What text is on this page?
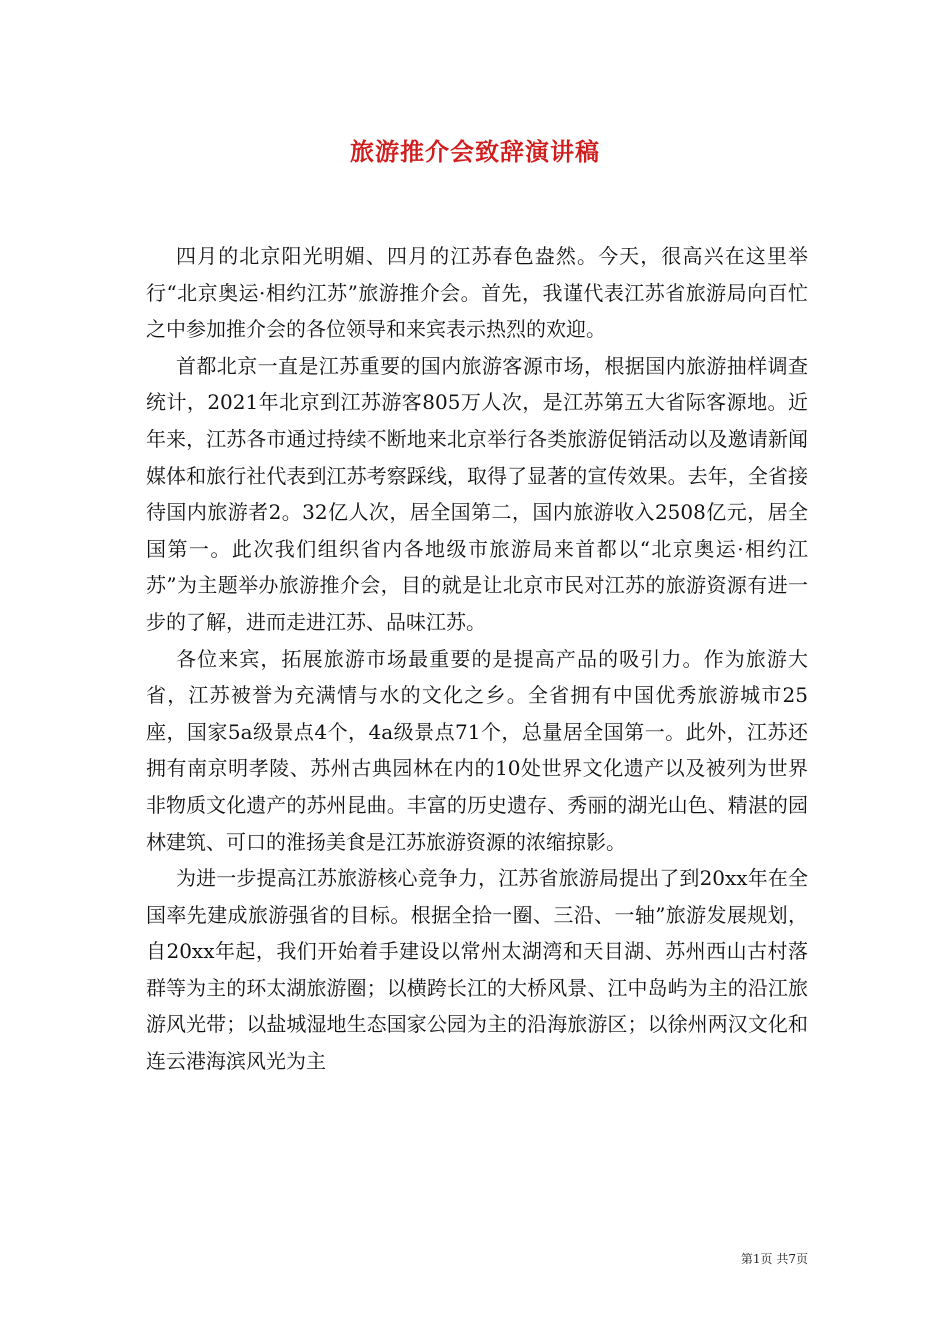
旅游推介会致辞演讲稿

四月的北京阳光明媚、四月的江苏春色盎然。今天，很高兴在这里举行“北京奥运·相约江苏”旅游推介会。首先，我谨代表江苏省旅游局向百忙之中参加推介会的各位领导和来宾表示热烈的欢迎。

首都北京一直是江苏重要的国内旅游客源市场，根据国内旅游抽样调查统计，2021年北京到江苏游客805万人次，是江苏第五大省际客源地。近年来，江苏各市通过持续不断地来北京举行各类旅游促销活动以及邀请新闻媒体和旅行社代表到江苏考察踩线，取得了显著的宣传效果。去年，全省接待国内旅游者2。32亿人次，居全国第二，国内旅游收入2508亿元，居全国第一。此次我们组织省内各地级市旅游局来首都以“北京奥运·相约江苏”为主题举办旅游推介会，目的就是让北京市民对江苏的旅游资源有进一步的了解，进而走进江苏、品味江苏。

各位来宾，拓展旅游市场最重要的是提高产品的吸引力。作为旅游大省，江苏被誉为充满情与水的文化之乡。全省拥有中国优秀旅游城市25座，国家5a级景点4个，4a级景点71个，总量居全国第一。此外，江苏还拥有南京明孝陵、苏州古典园林在内的10处世界文化遗产以及被列为世界非物质文化遗产的苏州昆曲。丰富的历史遗存、秀丽的湖光山色、精湛的园林建筑、可口的淮扬美食是江苏旅游资源的浓缩掠影。

为进一步提高江苏旅游核心竞争力，江苏省旅游局提出了到20xx年在全国率先建成旅游强省的目标。根据全拾一圈、三沿、一轴”旅游发展规划，自20xx年起，我们开始着手建设以常州太湖湾和天目湖、苏州西山古村落群等为主的环太湖旅游圈；以横跨长江的大桥风景、江中岛屿为主的沿江旅游风光带；以盐城湿地生态国家公园为主的沿海旅游区；以徐州两汉文化和连云港海滨风光为主

第1页 共7页
